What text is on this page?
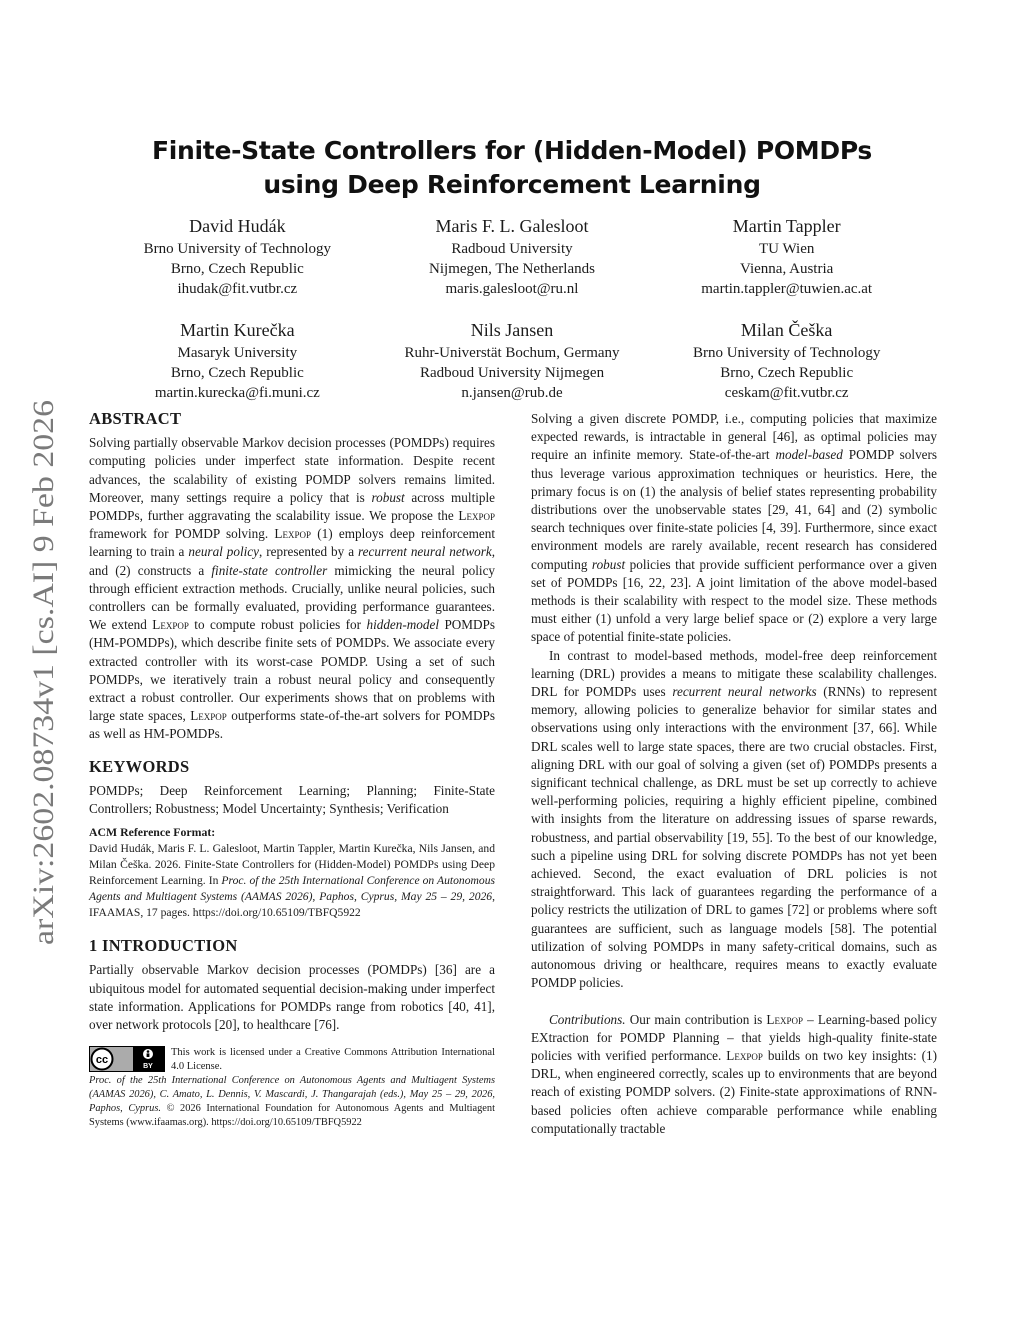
arXiv:2602.08734v1 [cs.AI] 9 Feb 2026
Finite-State Controllers for (Hidden-Model) POMDPs
using Deep Reinforcement Learning
David Hudák
Brno University of Technology
Brno, Czech Republic
ihudak@fit.vutbr.cz
Maris F. L. Galesloot
Radboud University
Nijmegen, The Netherlands
maris.galesloot@ru.nl
Martin Tappler
TU Wien
Vienna, Austria
martin.tappler@tuwien.ac.at
Martin Kurečka
Masaryk University
Brno, Czech Republic
martin.kurecka@fi.muni.cz
Nils Jansen
Ruhr-Universtät Bochum, Germany
Radboud University Nijmegen
n.jansen@rub.de
Milan Češka
Brno University of Technology
Brno, Czech Republic
ceskam@fit.vutbr.cz
ABSTRACT

Solving partially observable Markov decision processes (POMDPs) requires computing policies under imperfect state information. Despite recent advances, the scalability of existing POMDP solvers remains limited. Moreover, many settings require a policy that is robust across multiple POMDPs, further aggravating the scalability issue. We propose the Lexpop framework for POMDP solving. Lexpop (1) employs deep reinforcement learning to train a neural policy, represented by a recurrent neural network, and (2) constructs a finite-state controller mimicking the neural policy through efficient extraction methods. Crucially, unlike neural policies, such controllers can be formally evaluated, providing performance guarantees. We extend Lexpop to compute robust policies for hidden-model POMDPs (HM-POMDPs), which describe finite sets of POMDPs. We associate every extracted controller with its worst-case POMDP. Using a set of such POMDPs, we iteratively train a robust neural policy and consequently extract a robust controller. Our experiments shows that on problems with large state spaces, Lexpop outperforms state-of-the-art solvers for POMDPs as well as HM-POMDPs.

KEYWORDS

POMDPs; Deep Reinforcement Learning; Planning; Finite-State Controllers; Robustness; Model Uncertainty; Synthesis; Verification

ACM Reference Format:

David Hudák, Maris F. L. Galesloot, Martin Tappler, Martin Kurečka, Nils Jansen, and Milan Češka. 2026. Finite-State Controllers for (Hidden-Model) POMDPs using Deep Reinforcement Learning. In Proc. of the 25th International Conference on Autonomous Agents and Multiagent Systems (AAMAS 2026), Paphos, Cyprus, May 25 – 29, 2026, IFAAMAS, 17 pages. https://doi.org/10.65109/TBFQ5922

1 INTRODUCTION

Partially observable Markov decision processes (POMDPs) [36] are a ubiquitous model for automated sequential decision-making under imperfect state information. Applications for POMDPs range from robotics [40, 41], over network protocols [20], to healthcare [76].

cc
BY
This work is licensed under a Creative Commons Attribution International 4.0 License.

Proc. of the 25th International Conference on Autonomous Agents and Multiagent Systems (AAMAS 2026), C. Amato, L. Dennis, V. Mascardi, J. Thangarajah (eds.), May 25 – 29, 2026, Paphos, Cyprus. © 2026 International Foundation for Autonomous Agents and Multiagent Systems (www.ifaamas.org). https://doi.org/10.65109/TBFQ5922

Solving a given discrete POMDP, i.e., computing policies that maximize expected rewards, is intractable in general [46], as optimal policies may require an infinite memory. State-of-the-art model-based POMDP solvers thus leverage various approximation techniques or heuristics. Here, the primary focus is on (1) the analysis of belief states representing probability distributions over the unobservable states [29, 41, 64] and (2) symbolic search techniques over finite-state policies [4, 39]. Furthermore, since exact environment models are rarely available, recent research has considered computing robust policies that provide sufficient performance over a given set of POMDPs [16, 22, 23]. A joint limitation of the above model-based methods is their scalability with respect to the model size. These methods must either (1) unfold a very large belief space or (2) explore a very large space of potential finite-state policies.

In contrast to model-based methods, model-free deep reinforcement learning (DRL) provides a means to mitigate these scalability challenges. DRL for POMDPs uses recurrent neural networks (RNNs) to represent memory, allowing policies to generalize behavior for similar states and observations using only interactions with the environment [37, 66]. While DRL scales well to large state spaces, there are two crucial obstacles. First, aligning DRL with our goal of solving a given (set of) POMDPs presents a significant technical challenge, as DRL must be set up correctly to achieve well-performing policies, requiring a highly efficient pipeline, combined with insights from the literature on addressing issues of sparse rewards, robustness, and partial observability [19, 55]. To the best of our knowledge, such a pipeline using DRL for solving discrete POMDPs has not yet been achieved. Second, the exact evaluation of DRL policies is not straightforward. This lack of guarantees regarding the performance of a policy restricts the utilization of DRL to games [72] or problems where soft guarantees are sufficient, such as language models [58]. The potential utilization of solving POMDPs in many safety-critical domains, such as autonomous driving or healthcare, requires means to exactly evaluate POMDP policies.

Contributions. Our main contribution is Lexpop – Learning-based policy EXtraction for POMDP Planning – that yields high-quality finite-state policies with verified performance. Lexpop builds on two key insights: (1) DRL, when engineered correctly, scales up to environments that are beyond reach of existing POMDP solvers. (2) Finite-state approximations of RNN-based policies often achieve comparable performance while enabling computationally tractable
